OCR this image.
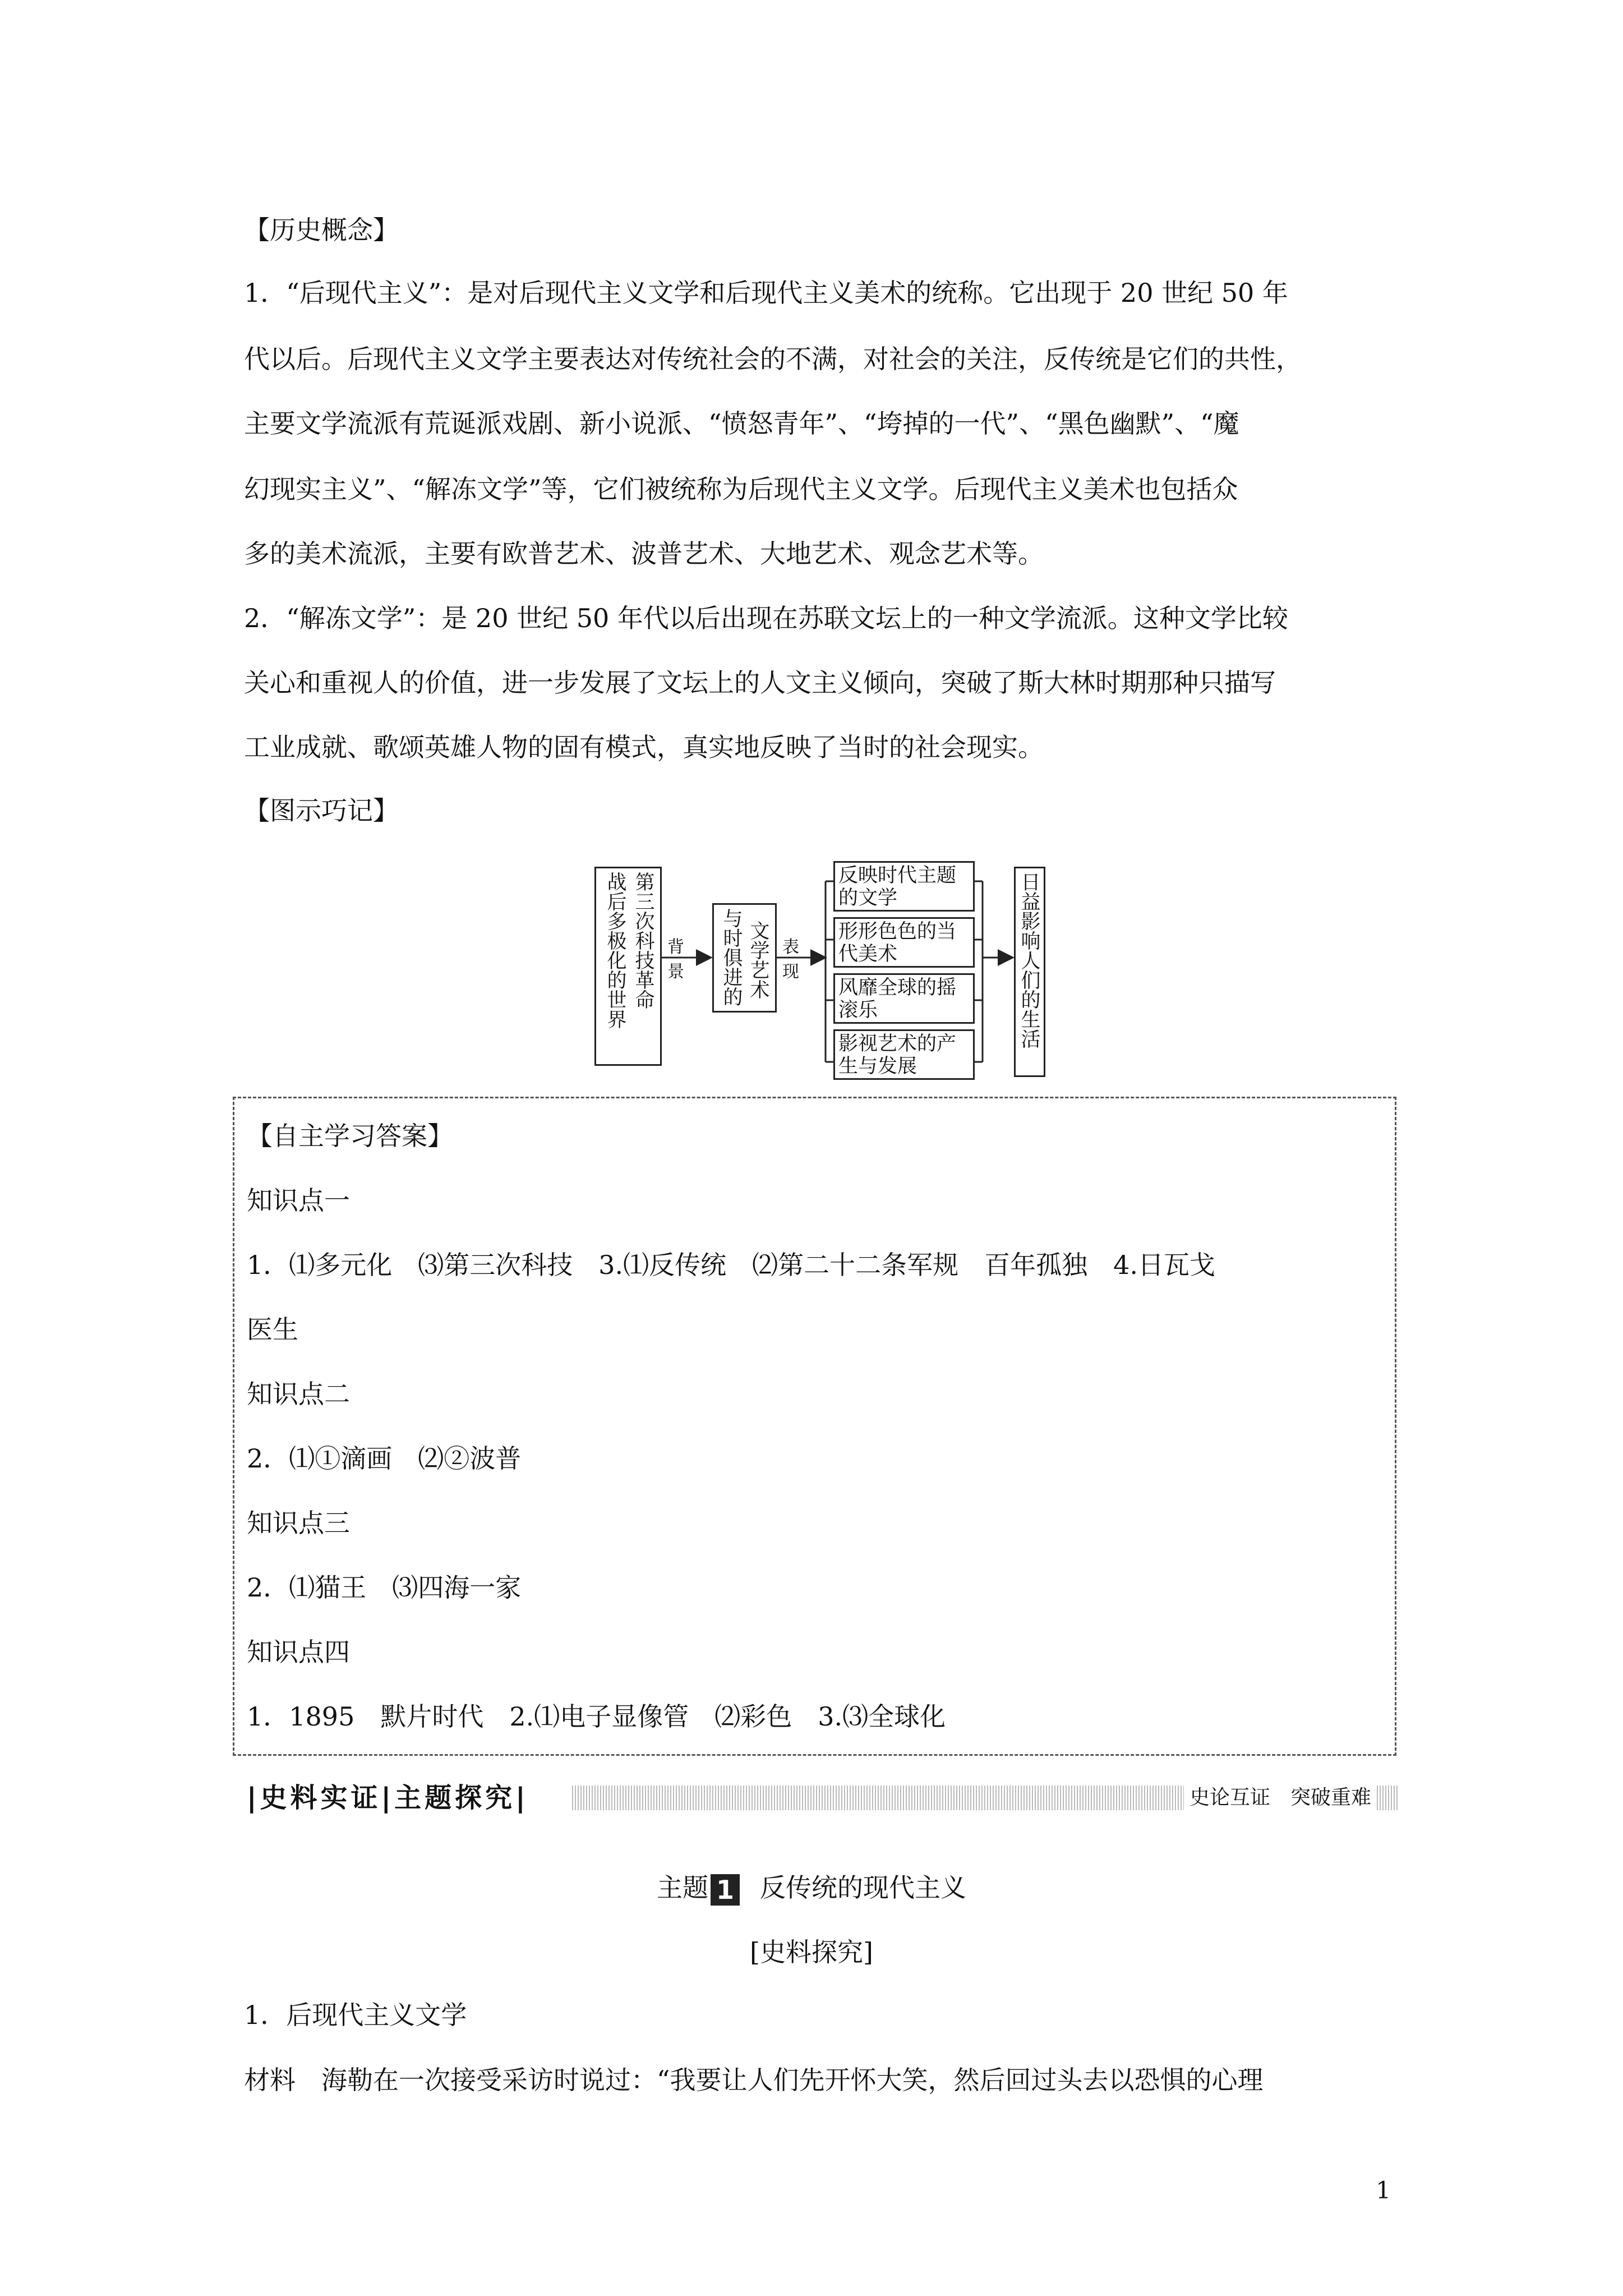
【历史概念】
1．“后现代主义”：是对后现代主义文学和后现代主义美术的统称。它出现于 20 世纪 50 年
代以后。后现代主义文学主要表达对传统社会的不满，对社会的关注，反传统是它们的共性，
主要文学流派有荒诞派戏剧、新小说派、“愤怒青年”、“垮掉的一代”、“黑色幽默”、“魔
幻现实主义”、“解冻文学”等，它们被统称为后现代主义文学。后现代主义美术也包括众
多的美术流派，主要有欧普艺术、波普艺术、大地艺术、观念艺术等。
2．“解冻文学”：是 20 世纪 50 年代以后出现在苏联文坛上的一种文学流派。这种文学比较
关心和重视人的价值，进一步发展了文坛上的人文主义倾向，突破了斯大林时期那种只描写
工业成就、歌颂英雄人物的固有模式，真实地反映了当时的社会现实。
【图示巧记】
第三次科技革命
战后多极化的世界 背景	文学艺术
与时俱进的 表现
反映时代主题的文学
形形色色的当代美术
风靡全球的摇滚乐
影视艺术的产生与发展
日益影响人们的生活
【自主学习答案】
知识点一
1．⑴多元化　⑶第三次科技　3.⑴反传统　⑵第二十二条军规　百年孤独　4.日瓦戈
医生
知识点二
2．⑴①滴画　⑵②波普
知识点三
2．⑴猫王　⑶四海一家
知识点四
1．1895　默片时代　2.⑴电子显像管　⑵彩色　3.⑶全球化
|史料实证|主题探究|	史论互证　突破重难
主题 1 反传统的现代主义
[史料探究]
1．后现代主义文学
材料　海勒在一次接受采访时说过：“我要让人们先开怀大笑，然后回过头去以恐惧的心理
1
